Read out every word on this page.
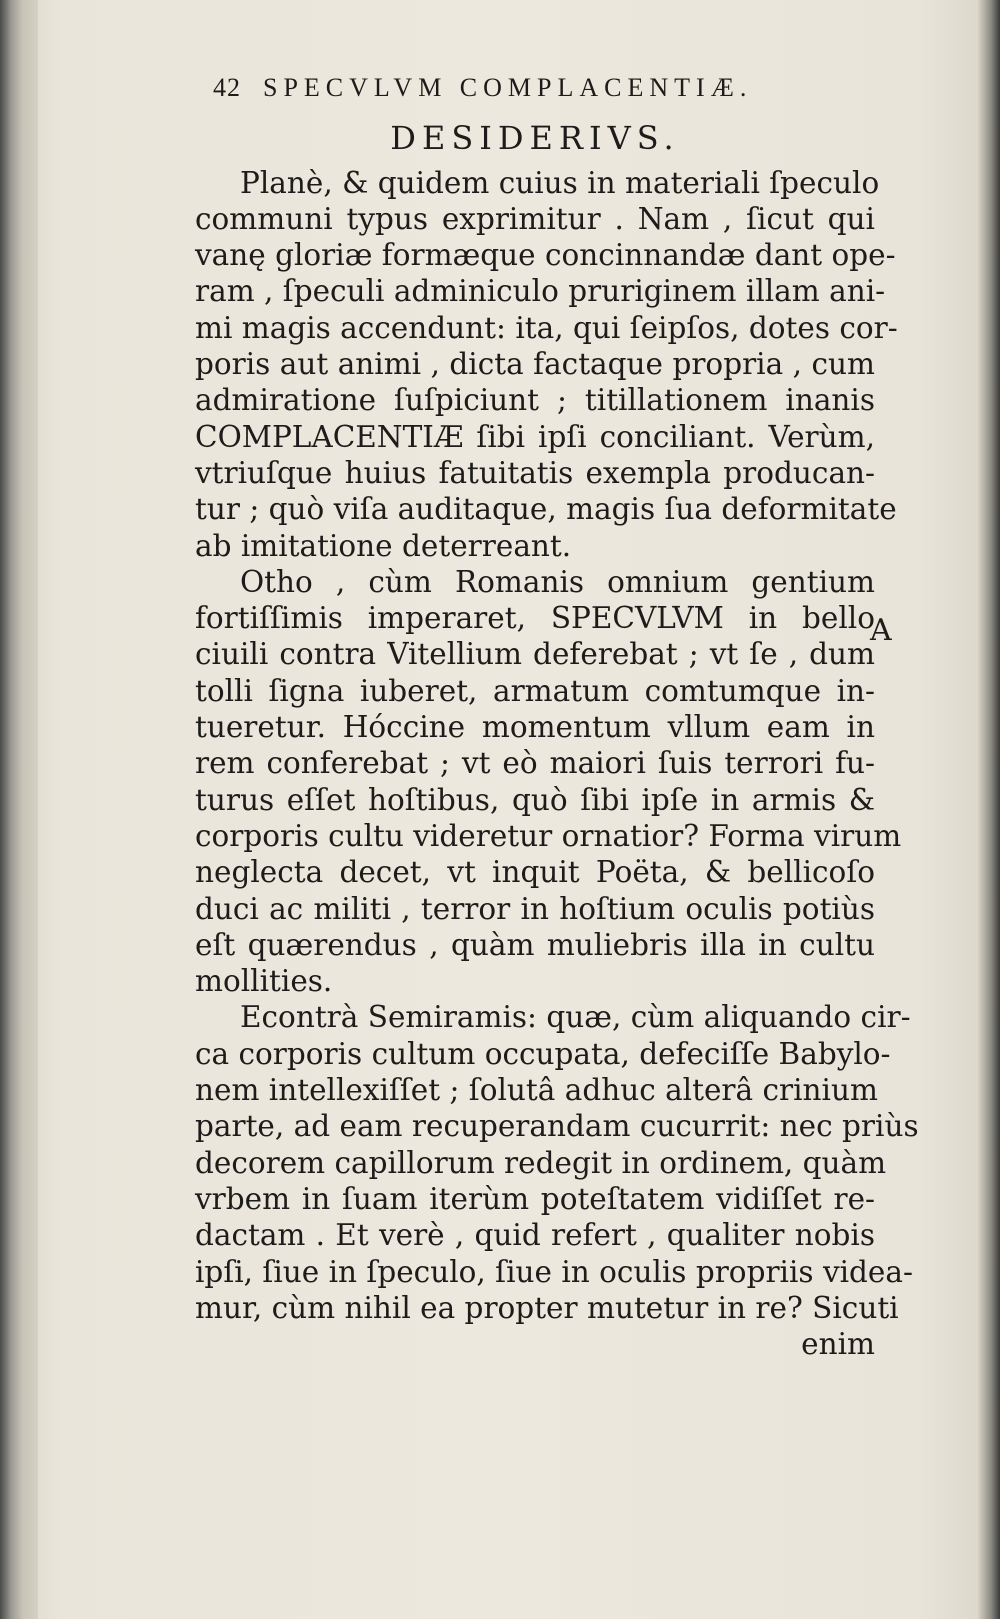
42 SPECVLVM COMPLACENTIÆ.
DESIDERIVS.
Planè, & quidem cuius in materiali ſpeculo
communi typus exprimitur . Nam , ſicut qui
vanę gloriæ formæque concinnandæ dant ope-
ram , ſpeculi adminiculo pruriginem illam ani-
mi magis accendunt: ita, qui ſeipſos, dotes cor-
poris aut animi , dicta factaque propria , cum
admiratione ſuſpiciunt ; titillationem inanis
COMPLACENTIÆ ſibi ipſi conciliant. Verùm,
vtriuſque huius fatuitatis exempla producan-
tur ; quò viſa auditaque, magis ſua deformitate
ab imitatione deterreant.
Otho , cùm Romanis omnium gentium
fortiſſimis imperaret, SPECVLVM in bello
ciuili contra Vitellium deferebat ; vt ſe , dum
tolli ſigna iuberet, armatum comtumque in-
tueretur. Hóccine momentum vllum eam in
rem conferebat ; vt eò maiori ſuis terrori fu-
turus eſſet hoſtibus, quò ſibi ipſe in armis &
corporis cultu videretur ornatior? Forma virum
neglecta decet, vt inquit Poëta, & bellicoſo
duci ac militi , terror in hoſtium oculis potiùs
eſt quærendus , quàm muliebris illa in cultu
mollities.
Econtrà Semiramis: quæ, cùm aliquando cir-
ca corporis cultum occupata, defeciſſe Babylo-
nem intellexiſſet ; ſolutâ adhuc alterâ crinium
parte, ad eam recuperandam cucurrit: nec priùs
decorem capillorum redegit in ordinem, quàm
vrbem in ſuam iterùm poteſtatem vidiſſet re-
dactam . Et verè , quid refert , qualiter nobis
ipſi, ſiue in ſpeculo, ſiue in oculis propriis videa-
mur, cùm nihil ea propter mutetur in re? Sicuti
enim
A
